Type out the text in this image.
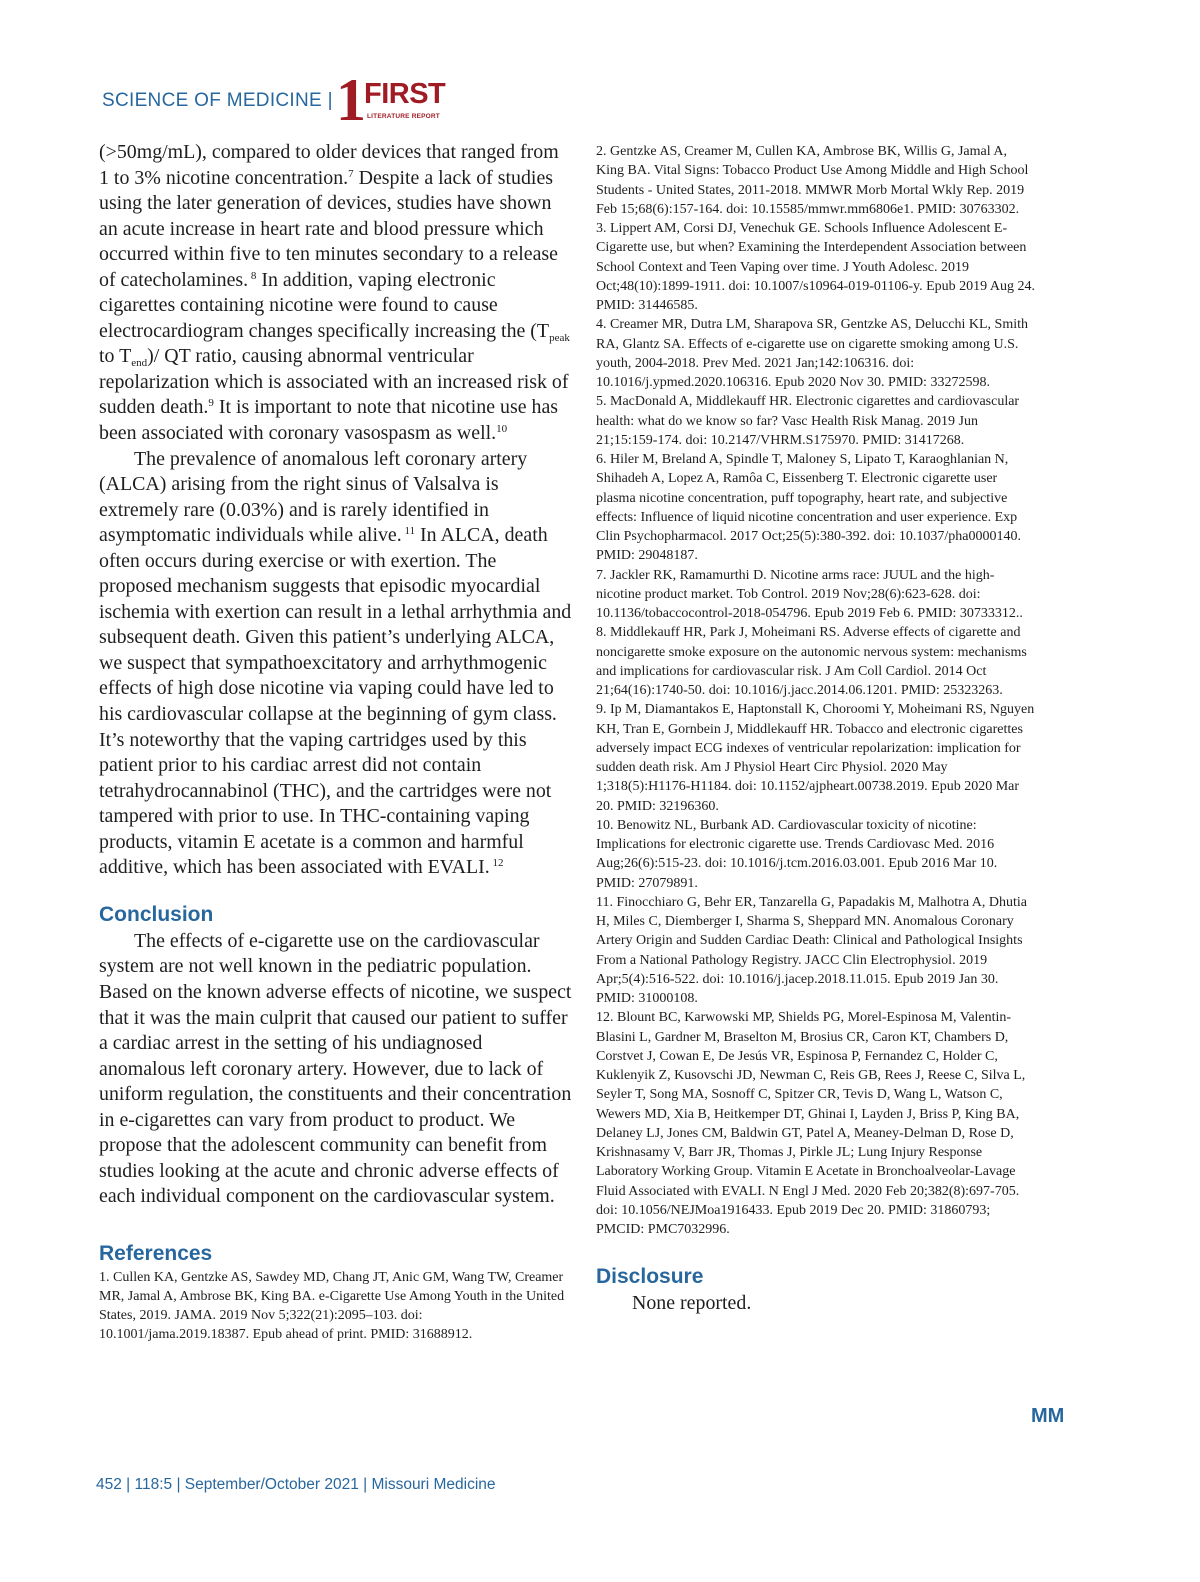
SCIENCE OF MEDICINE | 1
FIRST
LITERATURE REPORT

(>50mg/mL), compared to older devices that ranged from 1 to 3% nicotine concentration.$^7$ Despite a lack of studies using the later generation of devices, studies have shown an acute increase in heart rate and blood pressure which occurred within five to ten minutes secondary to a release of catecholamines. $^8$ In addition, vaping electronic cigarettes containing nicotine were found to cause electrocardiogram changes specifically increasing the ($T_{peak}$ to $T_{end})/$ QT ratio, causing abnormal ventricular repolarization which is associated with an increased risk of sudden death.$^9$ It is important to note that nicotine use has been associated with coronary vasospasm as well.$^{10}$

The prevalence of anomalous left coronary artery (ALCA) arising from the right sinus of Valsalva is extremely rare (0.03%) and is rarely identified in asymptomatic individuals while alive. $^{11}$ In ALCA, death often occurs during exercise or with exertion. The proposed mechanism suggests that episodic myocardial ischemia with exertion can result in a lethal arrhythmia and subsequent death. Given this patient’s underlying ALCA, we suspect that sympathoexcitatory and arrhythmogenic effects of high dose nicotine via vaping could have led to his cardiovascular collapse at the beginning of gym class. It’s noteworthy that the vaping cartridges used by this patient prior to his cardiac arrest did not contain tetrahydrocannabinol (THC), and the cartridges were not tampered with prior to use. In THC-containing vaping products, vitamin E acetate is a common and harmful additive, which has been associated with EVALI. $^{12}$

Conclusion

The effects of e-cigarette use on the cardiovascular system are not well known in the pediatric population. Based on the known adverse effects of nicotine, we suspect that it was the main culprit that caused our patient to suffer a cardiac arrest in the setting of his undiagnosed anomalous left coronary artery. However, due to lack of uniform regulation, the constituents and their concentration in e-cigarettes can vary from product to product. We propose that the adolescent community can benefit from studies looking at the acute and chronic adverse effects of each individual component on the cardiovascular system.

References

1. Cullen KA, Gentzke AS, Sawdey MD, Chang JT, Anic GM, Wang TW, Creamer MR, Jamal A, Ambrose BK, King BA. e-Cigarette Use Among Youth in the United States, 2019. JAMA. 2019 Nov 5;322(21):2095–103. doi: 10.1001/jama.2019.18387. Epub ahead of print. PMID: 31688912.

2. Gentzke AS, Creamer M, Cullen KA, Ambrose BK, Willis G, Jamal A, King BA. Vital Signs: Tobacco Product Use Among Middle and High School Students - United States, 2011-2018. MMWR Morb Mortal Wkly Rep. 2019 Feb 15;68(6):157-164. doi: 10.15585/mmwr.mm6806e1. PMID: 30763302.
3. Lippert AM, Corsi DJ, Venechuk GE. Schools Influence Adolescent E-Cigarette use, but when? Examining the Interdependent Association between School Context and Teen Vaping over time. J Youth Adolesc. 2019 Oct;48(10):1899-1911. doi: 10.1007/s10964-019-01106-y. Epub 2019 Aug 24. PMID: 31446585.
4. Creamer MR, Dutra LM, Sharapova SR, Gentzke AS, Delucchi KL, Smith RA, Glantz SA. Effects of e-cigarette use on cigarette smoking among U.S. youth, 2004-2018. Prev Med. 2021 Jan;142:106316. doi: 10.1016/j.ypmed.2020.106316. Epub 2020 Nov 30. PMID: 33272598.
5. MacDonald A, Middlekauff HR. Electronic cigarettes and cardiovascular health: what do we know so far? Vasc Health Risk Manag. 2019 Jun 21;15:159-174. doi: 10.2147/VHRM.S175970. PMID: 31417268.
6. Hiler M, Breland A, Spindle T, Maloney S, Lipato T, Karaoghlanian N, Shihadeh A, Lopez A, Ramôa C, Eissenberg T. Electronic cigarette user plasma nicotine concentration, puff topography, heart rate, and subjective effects: Influence of liquid nicotine concentration and user experience. Exp Clin Psychopharmacol. 2017 Oct;25(5):380-392. doi: 10.1037/pha0000140. PMID: 29048187.
7. Jackler RK, Ramamurthi D. Nicotine arms race: JUUL and the high-nicotine product market. Tob Control. 2019 Nov;28(6):623-628. doi: 10.1136/tobaccocontrol-2018-054796. Epub 2019 Feb 6. PMID: 30733312..
8. Middlekauff HR, Park J, Moheimani RS. Adverse effects of cigarette and noncigarette smoke exposure on the autonomic nervous system: mechanisms and implications for cardiovascular risk. J Am Coll Cardiol. 2014 Oct 21;64(16):1740-50. doi: 10.1016/j.jacc.2014.06.1201. PMID: 25323263.
9. Ip M, Diamantakos E, Haptonstall K, Choroomi Y, Moheimani RS, Nguyen KH, Tran E, Gornbein J, Middlekauff HR. Tobacco and electronic cigarettes adversely impact ECG indexes of ventricular repolarization: implication for sudden death risk. Am J Physiol Heart Circ Physiol. 2020 May 1;318(5):H1176-H1184. doi: 10.1152/ajpheart.00738.2019. Epub 2020 Mar 20. PMID: 32196360.
10. Benowitz NL, Burbank AD. Cardiovascular toxicity of nicotine: Implications for electronic cigarette use. Trends Cardiovasc Med. 2016 Aug;26(6):515-23. doi: 10.1016/j.tcm.2016.03.001. Epub 2016 Mar 10. PMID: 27079891.
11. Finocchiaro G, Behr ER, Tanzarella G, Papadakis M, Malhotra A, Dhutia H, Miles C, Diemberger I, Sharma S, Sheppard MN. Anomalous Coronary Artery Origin and Sudden Cardiac Death: Clinical and Pathological Insights From a National Pathology Registry. JACC Clin Electrophysiol. 2019 Apr;5(4):516-522. doi: 10.1016/j.jacep.2018.11.015. Epub 2019 Jan 30. PMID: 31000108.
12. Blount BC, Karwowski MP, Shields PG, Morel-Espinosa M, Valentin-Blasini L, Gardner M, Braselton M, Brosius CR, Caron KT, Chambers D, Corstvet J, Cowan E, De Jesús VR, Espinosa P, Fernandez C, Holder C, Kuklenyik Z, Kusovschi JD, Newman C, Reis GB, Rees J, Reese C, Silva L, Seyler T, Song MA, Sosnoff C, Spitzer CR, Tevis D, Wang L, Watson C, Wewers MD, Xia B, Heitkemper DT, Ghinai I, Layden J, Briss P, King BA, Delaney LJ, Jones CM, Baldwin GT, Patel A, Meaney-Delman D, Rose D, Krishnasamy V, Barr JR, Thomas J, Pirkle JL; Lung Injury Response Laboratory Working Group. Vitamin E Acetate in Bronchoalveolar-Lavage Fluid Associated with EVALI. N Engl J Med. 2020 Feb 20;382(8):697-705. doi: 10.1056/NEJMoa1916433. Epub 2019 Dec 20. PMID: 31860793; PMCID: PMC7032996.
Disclosure

None reported.

MM
452 | 118:5 | September/October 2021 | Missouri Medicine
